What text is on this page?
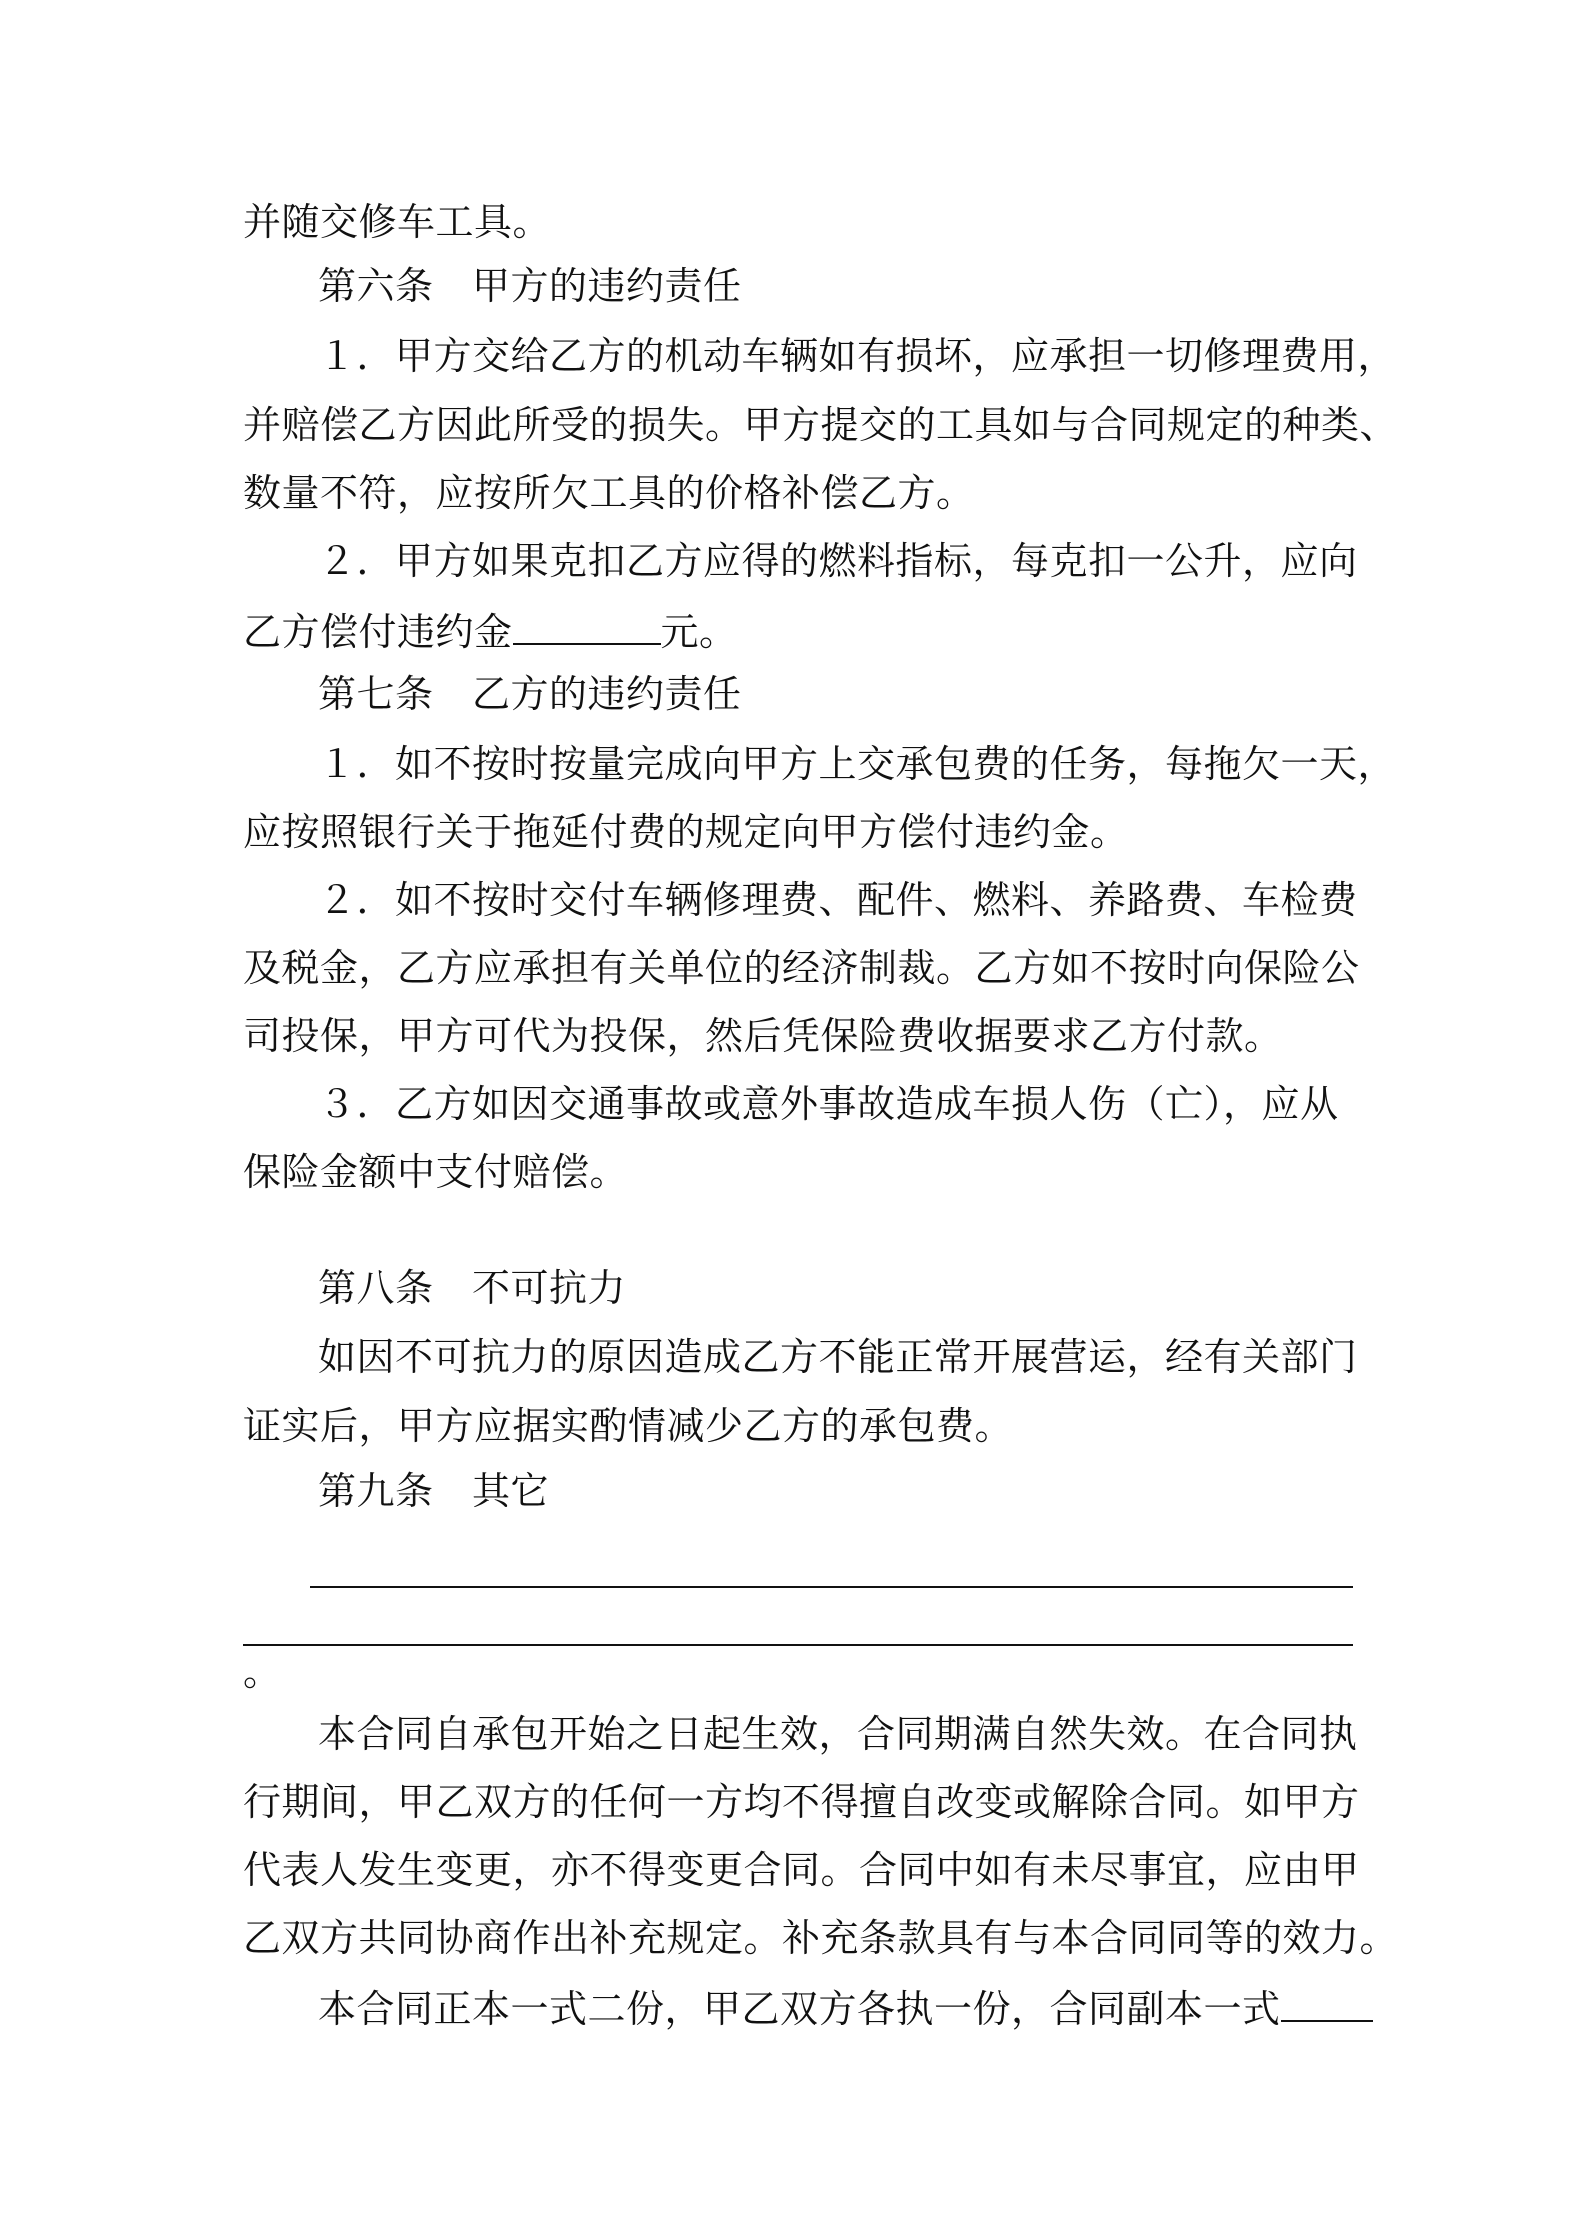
并随交修车工具。
第六条　甲方的违约责任
１．甲方交给乙方的机动车辆如有损坏，应承担一切修理费用，
并赔偿乙方因此所受的损失。甲方提交的工具如与合同规定的种类、
数量不符，应按所欠工具的价格补偿乙方。
２．甲方如果克扣乙方应得的燃料指标，每克扣一公升，应向
乙方偿付违约金	元。
第七条　乙方的违约责任
１．如不按时按量完成向甲方上交承包费的任务，每拖欠一天，
应按照银行关于拖延付费的规定向甲方偿付违约金。
２．如不按时交付车辆修理费、配件、燃料、养路费、车检费
及税金，乙方应承担有关单位的经济制裁。乙方如不按时向保险公
司投保，甲方可代为投保，然后凭保险费收据要求乙方付款。
３．乙方如因交通事故或意外事故造成车损人伤（亡），应从
保险金额中支付赔偿。
第八条　不可抗力
如因不可抗力的原因造成乙方不能正常开展营运，经有关部门
证实后，甲方应据实酌情减少乙方的承包费。
第九条　其它
。
本合同自承包开始之日起生效，合同期满自然失效。在合同执
行期间，甲乙双方的任何一方均不得擅自改变或解除合同。如甲方
代表人发生变更，亦不得变更合同。合同中如有未尽事宜，应由甲
乙双方共同协商作出补充规定。补充条款具有与本合同同等的效力。
本合同正本一式二份，甲乙双方各执一份，合同副本一式
